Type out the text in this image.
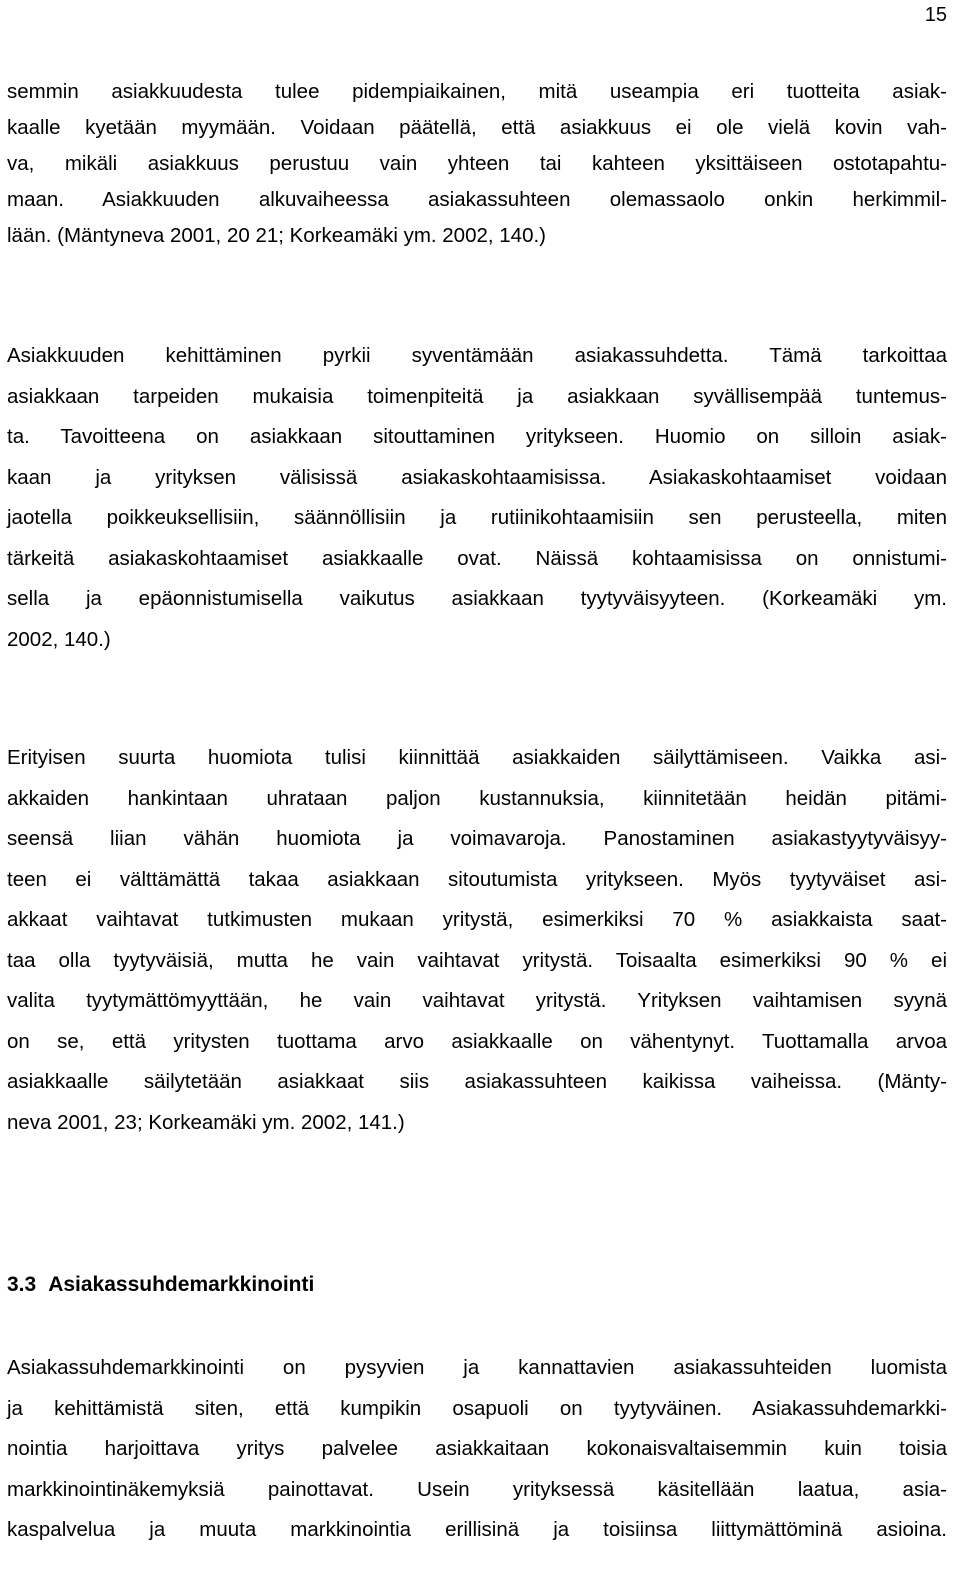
15

semmin asiakkuudesta tulee pidempiaikainen, mitä useampia eri tuotteita asiak-
kaalle kyetään myymään. Voidaan päätellä, että asiakkuus ei ole vielä kovin vah-
va, mikäli asiakkuus perustuu vain yhteen tai kahteen yksittäiseen ostotapahtu-
maan. Asiakkuuden alkuvaiheessa asiakassuhteen olemassaolo onkin herkimmil-
lään. (Mäntyneva 2001, 20 21; Korkeamäki ym. 2002, 140.)

Asiakkuuden kehittäminen pyrkii syventämään asiakassuhdetta. Tämä tarkoittaa
asiakkaan tarpeiden mukaisia toimenpiteitä ja asiakkaan syvällisempää tuntemus-
ta. Tavoitteena on asiakkaan sitouttaminen yritykseen. Huomio on silloin asiak-
kaan ja yrityksen välisissä asiakaskohtaamisissa. Asiakaskohtaamiset voidaan
jaotella poikkeuksellisiin, säännöllisiin ja rutiinikohtaamisiin sen perusteella, miten
tärkeitä asiakaskohtaamiset asiakkaalle ovat. Näissä kohtaamisissa on onnistumi-
sella ja epäonnistumisella vaikutus asiakkaan tyytyväisyyteen. (Korkeamäki ym.
2002, 140.)

Erityisen suurta huomiota tulisi kiinnittää asiakkaiden säilyttämiseen. Vaikka asi-
akkaiden hankintaan uhrataan paljon kustannuksia, kiinnitetään heidän pitämi-
seensä liian vähän huomiota ja voimavaroja. Panostaminen asiakastyytyväisyy-
teen ei välttämättä takaa asiakkaan sitoutumista yritykseen. Myös tyytyväiset asi-
akkaat vaihtavat tutkimusten mukaan yritystä, esimerkiksi 70 % asiakkaista saat-
taa olla tyytyväisiä, mutta he vain vaihtavat yritystä. Toisaalta esimerkiksi 90 % ei
valita tyytymättömyyttään, he vain vaihtavat yritystä. Yrityksen vaihtamisen syynä
on se, että yritysten tuottama arvo asiakkaalle on vähentynyt. Tuottamalla arvoa
asiakkaalle säilytetään asiakkaat siis asiakassuhteen kaikissa vaiheissa. (Mänty-
neva 2001, 23; Korkeamäki ym. 2002, 141.)

3.3 Asiakassuhdemarkkinointi

Asiakassuhdemarkkinointi on pysyvien ja kannattavien asiakassuhteiden luomista
ja kehittämistä siten, että kumpikin osapuoli on tyytyväinen. Asiakassuhdemarkki-
nointia harjoittava yritys palvelee asiakkaitaan kokonaisvaltaisemmin kuin toisia
markkinointinäkemyksiä painottavat. Usein yrityksessä käsitellään laatua, asia-
kaspalvelua ja muuta markkinointia erillisinä ja toisiinsa liittymättöminä asioina.
